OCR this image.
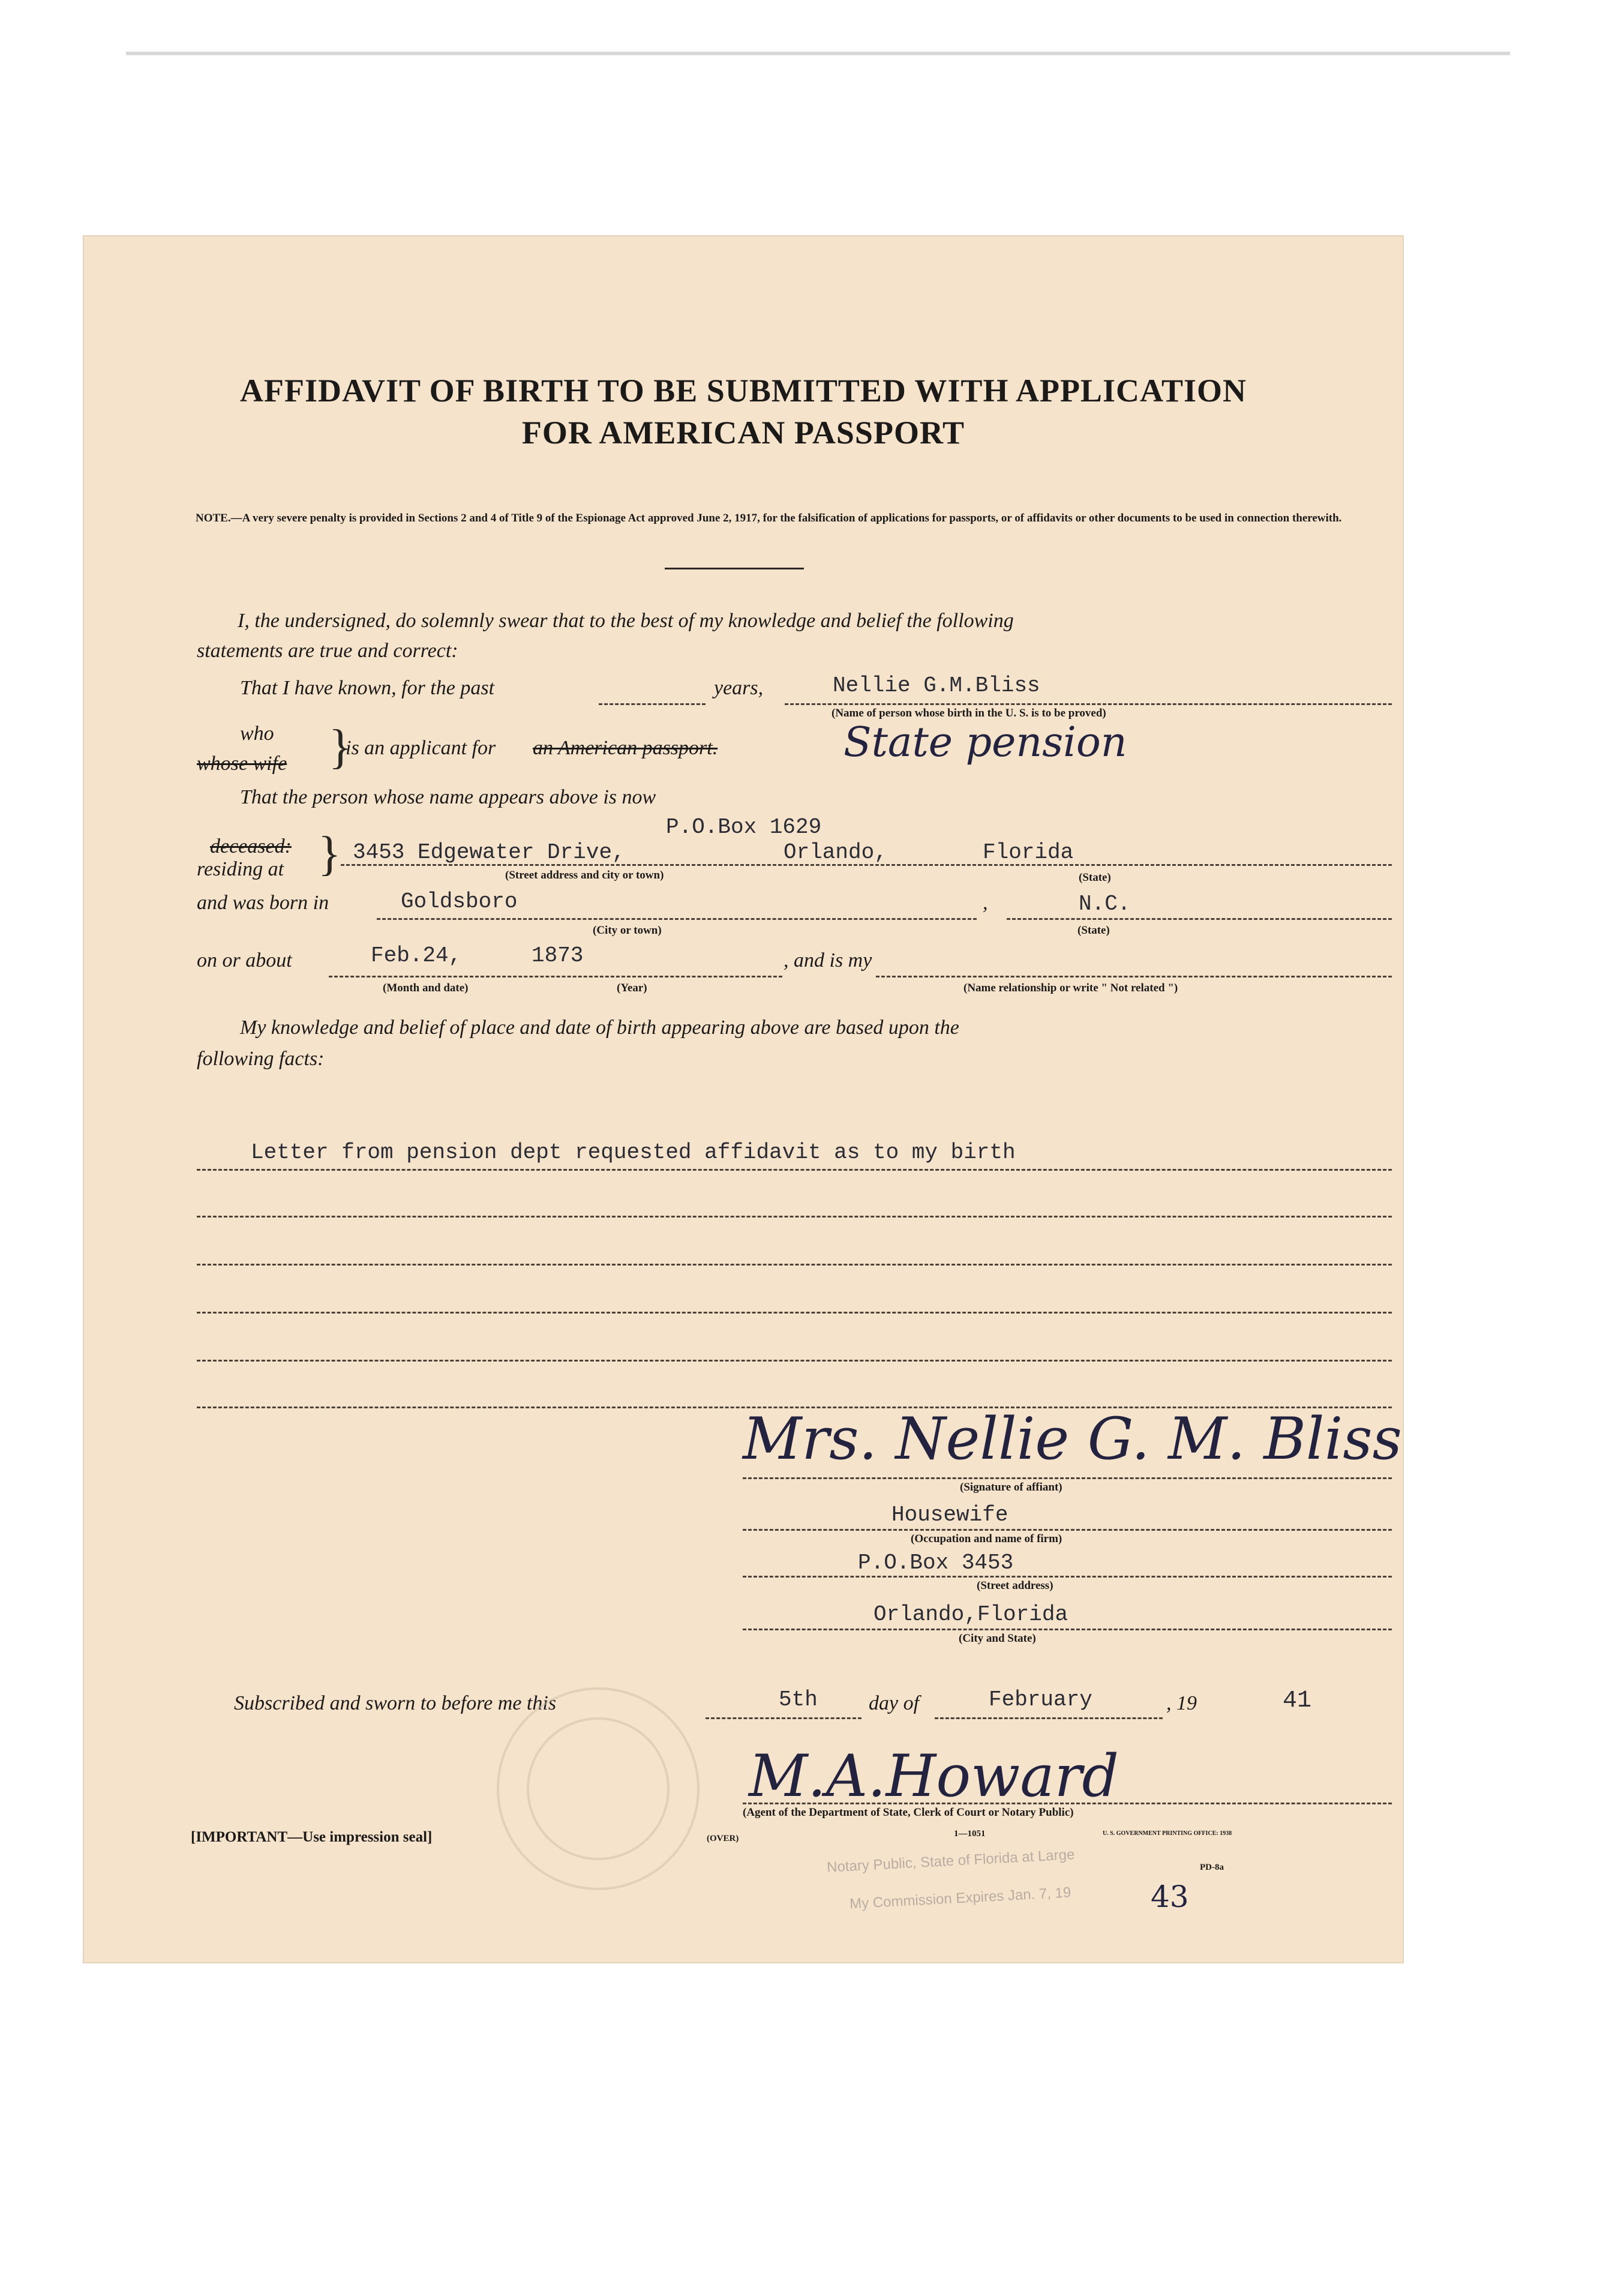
AFFIDAVIT OF BIRTH TO BE SUBMITTED WITH APPLICATION
FOR AMERICAN PASSPORT
NOTE.—A very severe penalty is provided in Sections 2 and 4 of Title 9 of the Espionage Act approved June 2, 1917, for the falsification of applications for passports, or of affidavits or other documents to be used in connection therewith.
I, the undersigned, do solemnly swear that to the best of my knowledge and belief the following
statements are true and correct:
That I have known, for the past	years,	Nellie G.M.Bliss
(Name of person whose birth in the U. S. is to be proved)
who
whose wife }
is an applicant for an American passport.	State pension
That the person whose name appears above is now
P.O.Box 1629
deceased:
residing at } 3453 Edgewater Drive,	Orlando,	Florida
(Street address and city or town)	(State)
and was born in	Goldsboro	,	N.C.
(City or town)	(State)
on or about	Feb.24,	1873	, and is my
(Month and date)	(Year)	(Name relationship or write " Not related ")
My knowledge and belief of place and date of birth appearing above are based upon the
following facts:
Letter from pension dept requested affidavit as to my birth
Mrs. Nellie G. M. Bliss
(Signature of affiant)
Housewife
(Occupation and name of firm)
P.O.Box 3453
(Street address)
Orlando,Florida
(City and State)
Subscribed and sworn to before me this	5th	day of	February	, 19	41
M.A.Howard
(Agent of the Department of State, Clerk of Court or Notary Public)
[IMPORTANT—Use impression seal]	(OVER)	1—1051	U. S. GOVERNMENT PRINTING OFFICE: 1938
PD-8a
Notary Public, State of Florida at Large
My Commission Expires Jan. 7, 19	43
